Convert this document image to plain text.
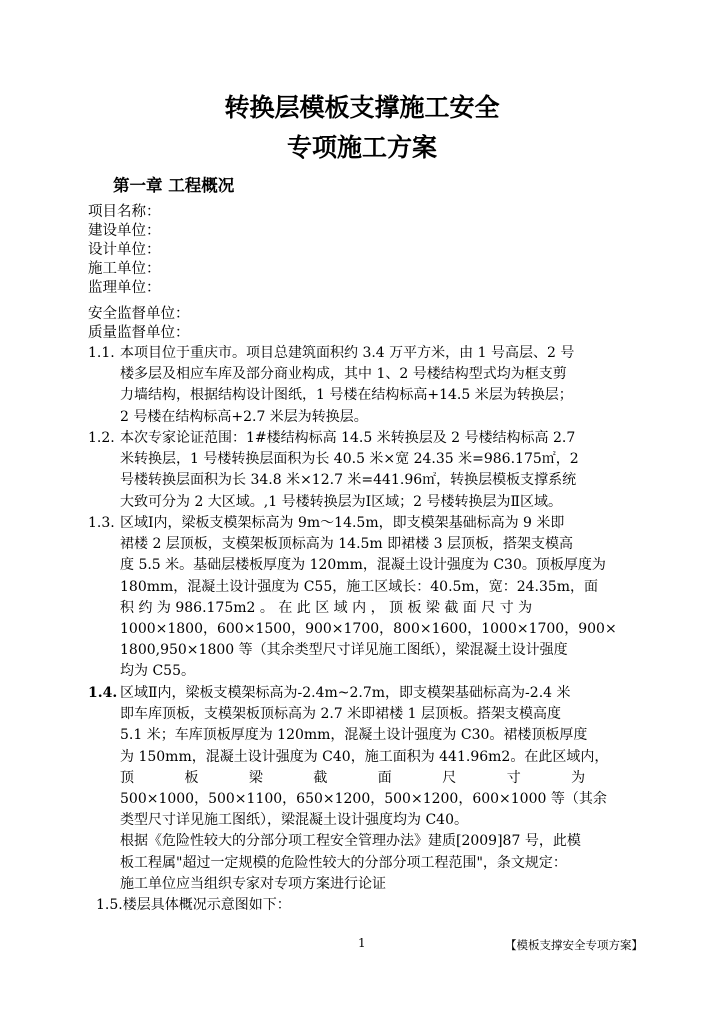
转换层模板支撑施工安全
专项施工方案
第一章 工程概况
项目名称：
建设单位：
设计单位：
施工单位：
监理单位：
安全监督单位：
质量监督单位：
1.1. 本项目位于重庆市。项目总建筑面积约 3.4 万平方米，由 1 号高层、2 号
楼多层及相应车库及部分商业构成，其中 1、2 号楼结构型式均为框支剪
力墙结构，根据结构设计图纸，1 号楼在结构标高+14.5 米层为转换层；
2 号楼在结构标高+2.7 米层为转换层。
1.2. 本次专家论证范围：1#楼结构标高 14.5 米转换层及 2 号楼结构标高 2.7
米转换层，1 号楼转换层面积为长 40.5 米×宽 24.35 米=986.175㎡，2
号楼转换层面积为长 34.8 米×12.7 米=441.96㎡，转换层模板支撑系统
大致可分为 2 大区域。,1 号楼转换层为Ⅰ区域；2 号楼转换层为Ⅱ区域。
1.3. 区域Ⅰ内，梁板支模架标高为 9m～14.5m，即支模架基础标高为 9 米即
裙楼 2 层顶板，支模架板顶标高为 14.5m 即裙楼 3 层顶板，搭架支模高
度 5.5 米。基础层楼板厚度为 120mm，混凝土设计强度为 C30。顶板厚度为
180mm，混凝土设计强度为 C55，施工区域长：40.5m，宽：24.35m，面
积 约 为 986.175m2 。 在 此 区 域 内 ， 顶 板 梁 截 面 尺 寸 为
1000×1800，600×1500，900×1700，800×1600，1000×1700，900×
1800,950×1800 等（其余类型尺寸详见施工图纸），梁混凝土设计强度
均为 C55。
1.4. 区域Ⅱ内，梁板支模架标高为-2.4m~2.7m，即支模架基础标高为-2.4 米
即车库顶板，支模架板顶标高为 2.7 米即裙楼 1 层顶板。搭架支模高度
5.1 米；车库顶板厚度为 120mm，混凝土设计强度为 C30。裙楼顶板厚度
为 150mm，混凝土设计强度为 C40，施工面积为 441.96m2。在此区域内，
顶 板 梁 截 面 尺 寸 为
500×1000，500×1100，650×1200，500×1200，600×1000 等（其余
类型尺寸详见施工图纸），梁混凝土设计强度均为 C40。
根据《危险性较大的分部分项工程安全管理办法》建质[2009]87 号，此模
板工程属"超过一定规模的危险性较大的分部分项工程范围"，条文规定：
施工单位应当组织专家对专项方案进行论证
1.5.楼层具体概况示意图如下：
1	【模板支撑安全专项方案】
